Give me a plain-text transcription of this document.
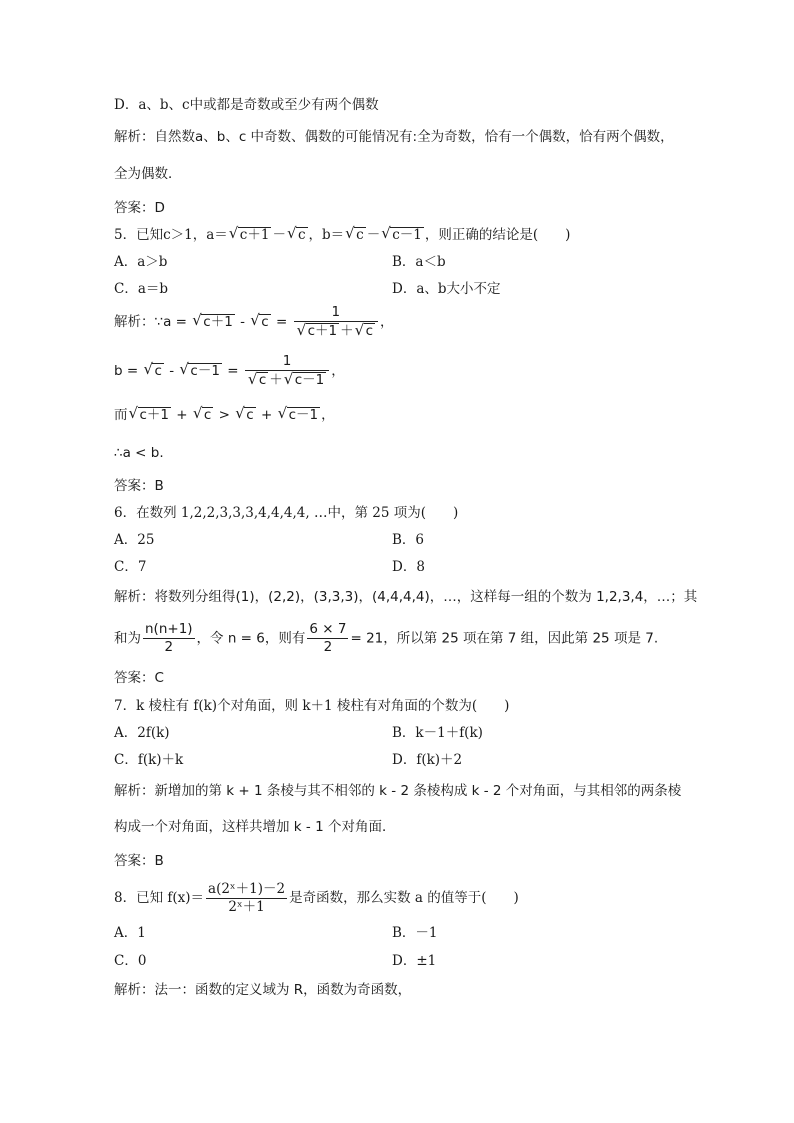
D．a、b、c中或都是奇数或至少有两个偶数
解析：自然数a、b、c 中奇数、偶数的可能情况有:全为奇数，恰有一个偶数，恰有两个偶数，
全为偶数．
答案：D
5．已知c＞1，a＝ √ c＋1 － √ c ，b＝ √ c － √ c－1 ，则正确的结论是(　　)
A．a＞b	B．a＜b
C．a＝b	D．a、b大小不定
解析：∵a = √ c＋1 - √ $c = \frac{1}{√ c+1 + √ c}$ ，
b = √ c - √ $c-1 = \frac{1}{√ c + √ c-1}$ ，
而 √ c＋1 + √ c > √ c + √ c－1 ，
∴a < b.
答案：B
6．在数列 1,2,2,3,3,3,4,4,4,4, …中，第 25 项为(　　)
A．25	B．6
C．7	D．8
解析：将数列分组得(1)，(2,2)，(3,3,3)，(4,4,4,4)，…，这样每一组的个数为 1,2,3,4，…；其
和为 $\frac{n(n+1)}{2}$ ，令 n = 6，则有 $\frac{6 \times 7}{2} = 21$，所以第 25 项在第 7 组，因此第 25 项是 7.
答案：C
7．k 棱柱有 f(k)个对角面，则 k＋1 棱柱有对角面的个数为(　　)
A．2f(k)	B．k－1＋f(k)
C．f(k)＋k	D．f(k)＋2
解析：新增加的第 k + 1 条棱与其不相邻的 k - 2 条棱构成 k - 2 个对角面，与其相邻的两条棱
构成一个对角面，这样共增加 k - 1 个对角面．
答案：B
8．已知 $f(x)= \frac{\text{a(2ˣ＋1)－2}}{\text{2ˣ＋1}}$ 是奇函数，那么实数 a 的值等于(　　)
A．1	B．－1
C．0	D．±1
解析：法一：函数的定义域为 R，函数为奇函数，
